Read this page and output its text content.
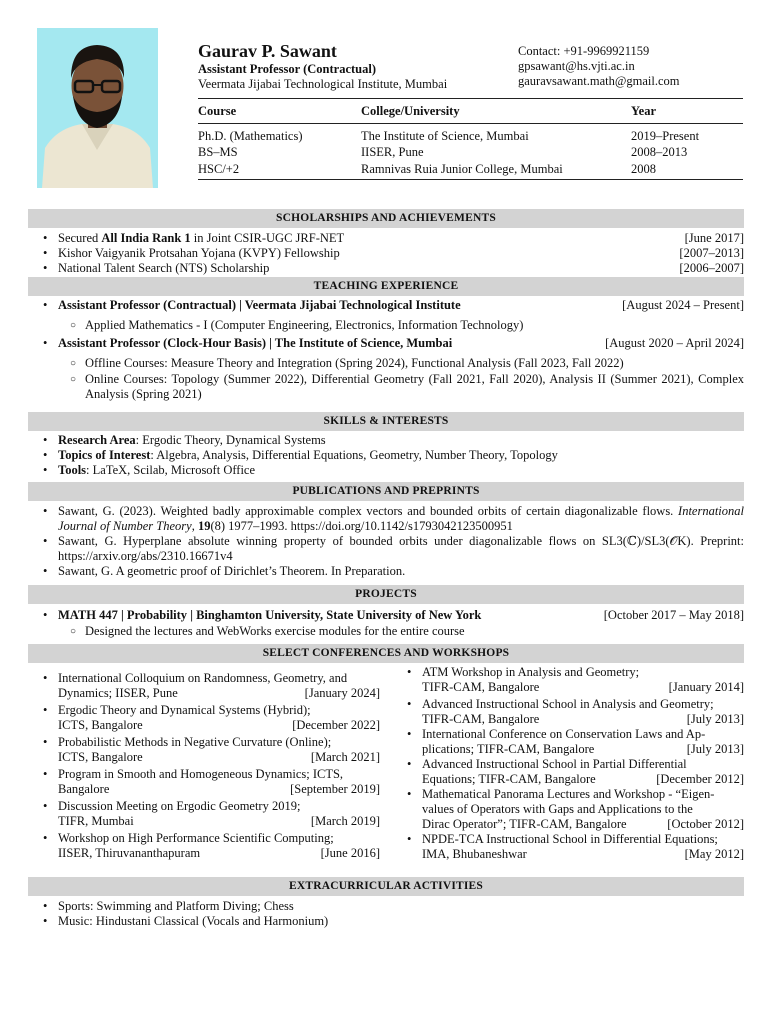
Gaurav P. Sawant
Assistant Professor (Contractual)
Veermata Jijabai Technological Institute, Mumbai
Contact: +91-9969921159
gpsawant@hs.vjti.ac.in
gauravsawant.math@gmail.com
Course	College/University	Year
Ph.D. (Mathematics)	The Institute of Science, Mumbai	2019–Present
BS–MS	IISER, Pune	2008–2013
HSC/+2	Ramnivas Ruia Junior College, Mumbai	2008
SCHOLARSHIPS AND ACHIEVEMENTS
• Secured All India Rank 1 in Joint CSIR-UGC JRF-NET	[June 2017]
• Kishor Vaigyanik Protsahan Yojana (KVPY) Fellowship	[2007–2013]
• National Talent Search (NTS) Scholarship	[2006–2007]
TEACHING EXPERIENCE
• Assistant Professor (Contractual) | Veermata Jijabai Technological Institute	[August 2024 – Present]
○ Applied Mathematics - I (Computer Engineering, Electronics, Information Technology)
• Assistant Professor (Clock-Hour Basis) | The Institute of Science, Mumbai	[August 2020 – April 2024]
○ Offline Courses: Measure Theory and Integration (Spring 2024), Functional Analysis (Fall 2023, Fall 2022)
○ Online Courses: Topology (Summer 2022), Differential Geometry (Fall 2021, Fall 2020), Analysis II (Summer 2021), Complex Analysis (Spring 2021)
SKILLS & INTERESTS
• Research Area: Ergodic Theory, Dynamical Systems
• Topics of Interest: Algebra, Analysis, Differential Equations, Geometry, Number Theory, Topology
• Tools: LaTeX, Scilab, Microsoft Office
PUBLICATIONS AND PREPRINTS
• Sawant, G. (2023). Weighted badly approximable complex vectors and bounded orbits of certain diagonalizable flows. International Journal of Number Theory, 19(8) 1977–1993. https://doi.org/10.1142/s1793042123500951
• Sawant, G. Hyperplane absolute winning property of bounded orbits under diagonalizable flows on SL3(ℂ)/SL3(𝒪K). Preprint: https://arxiv.org/abs/2310.16671v4
• Sawant, G. A geometric proof of Dirichlet’s Theorem. In Preparation.
PROJECTS
• MATH 447 | Probability | Binghamton University, State University of New York	[October 2017 – May 2018]
○ Designed the lectures and WebWorks exercise modules for the entire course
SELECT CONFERENCES AND WORKSHOPS
• International Colloquium on Randomness, Geometry, and
Dynamics; IISER, Pune	[January 2024]
• Ergodic Theory and Dynamical Systems (Hybrid);
ICTS, Bangalore	[December 2022]
• Probabilistic Methods in Negative Curvature (Online);
ICTS, Bangalore	[March 2021]
• Program in Smooth and Homogeneous Dynamics; ICTS,
Bangalore	[September 2019]
• Discussion Meeting on Ergodic Geometry 2019;
TIFR, Mumbai	[March 2019]
• Workshop on High Performance Scientific Computing;
IISER, Thiruvananthapuram	[June 2016]
• ATM Workshop in Analysis and Geometry;
TIFR-CAM, Bangalore	[January 2014]
• Advanced Instructional School in Analysis and Geometry;
TIFR-CAM, Bangalore	[July 2013]
• International Conference on Conservation Laws and Ap-
plications; TIFR-CAM, Bangalore	[July 2013]
• Advanced Instructional School in Partial Differential
Equations; TIFR-CAM, Bangalore	[December 2012]
• Mathematical Panorama Lectures and Workshop - “Eigen-
values of Operators with Gaps and Applications to the
Dirac Operator”; TIFR-CAM, Bangalore	[October 2012]
• NPDE-TCA Instructional School in Differential Equations;
IMA, Bhubaneshwar	[May 2012]
EXTRACURRICULAR ACTIVITIES
• Sports: Swimming and Platform Diving; Chess
• Music: Hindustani Classical (Vocals and Harmonium)
